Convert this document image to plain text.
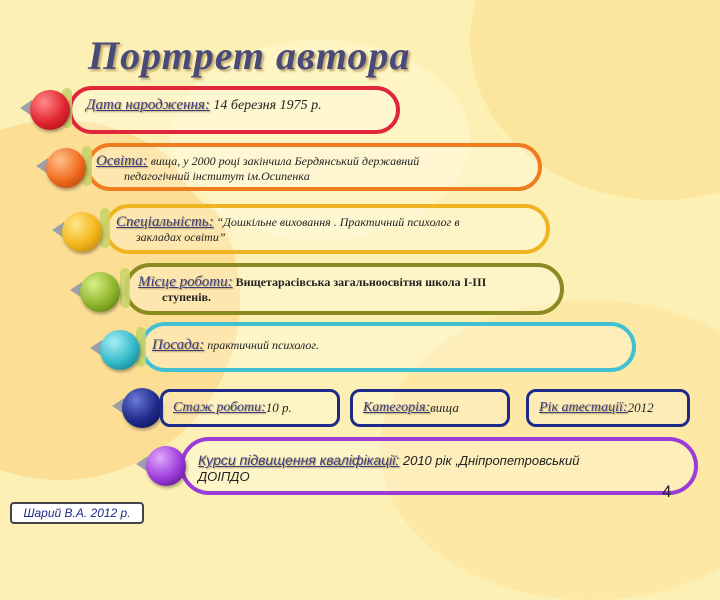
Портрет автора
Дата народження: 14 березня 1975 р.
Освіта: вища, у 2000 році закінчила Бердянський державний
педагогічний інститут ім.Осипенка
Спеціальність: “Дошкільне виховання . Практичний психолог в
закладах освіти”
Місце роботи: Вищетарасівська загальноосвітня школа І-ІІІ
ступенів.
Посада: практичний психолог.
Стаж роботи: 10 р.	Категорія: вища	Рік атестації: 2012
Курси підвищення кваліфікації: 2010 рік ,Дніпропетровський
ДОІПДО
4
Шарий В.А. 2012 р.
